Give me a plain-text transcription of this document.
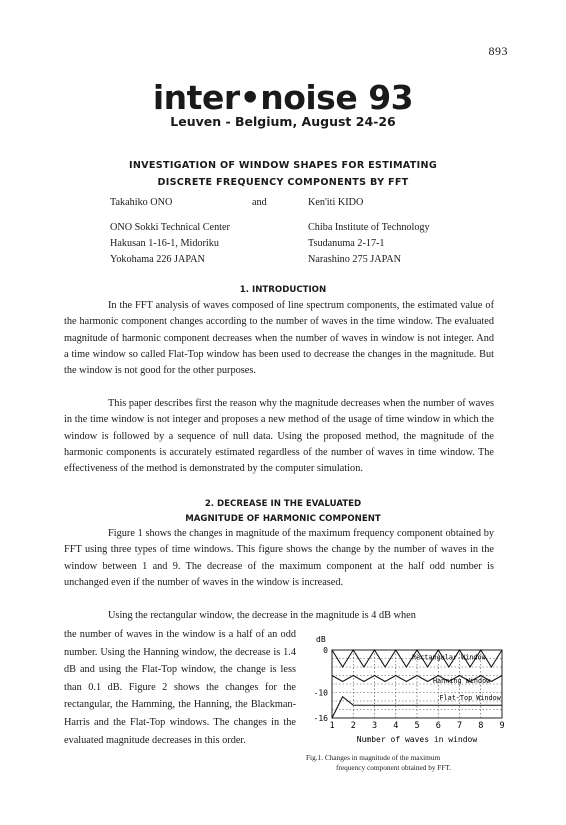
893
inter•noise 93
Leuven - Belgium, August 24-26
INVESTIGATION OF WINDOW SHAPES FOR ESTIMATING
DISCRETE FREQUENCY COMPONENTS BY FFT
Takahiko ONO	and	Ken'iti KIDO
ONO Sokki Technical Center
Hakusan 1-16-1, Midoriku
Yokohama 226 JAPAN
Chiba Institute of Technology
Tsudanuma 2-17-1
Narashino 275 JAPAN
1. INTRODUCTION
In the FFT analysis of waves composed of line spectrum components, the estimated value of the harmonic component changes according to the number of waves in the time window. The evaluated magnitude of harmonic component decreases when the number of waves in window is not integer. And a time window so called Flat-Top window has been used to decrease the changes in the magnitude. But the window is not good for the other purposes.
This paper describes first the reason why the magnitude decreases when the number of waves in the time window is not integer and proposes a new method of the usage of time window in which the window is followed by a sequence of null data. Using the proposed method, the magnitude of the harmonic components is accurately estimated regardless of the number of waves in time window. The effectiveness of the method is demonstrated by the computer simulation.
2. DECREASE IN THE EVALUATED
MAGNITUDE OF HARMONIC COMPONENT
Figure 1 shows the changes in magnitude of the maximum frequency component obtained by FFT using three types of time windows. This figure shows the change by the number of waves in the window between 1 and 9. The decrease of the maximum component at the half odd number is unchanged even if the number of waves in the window is increased.
Using the rectangular window, the decrease in the magnitude is 4 dB when
the number of waves in the window is a half of an odd number. Using the Hanning window, the decrease is 1.4 dB and using the Flat-Top window, the change is less than 0.1 dB. Figure 2 shows the changes for the rectangular, the Hamming, the Hanning, the Blackman-Harris and the Flat-Top windows. The changes in the evaluated magnitude decreases in this order.
dB
0
-10
-16
1 2 3 4 5 6 7 8 9
Rectangular Window
Hanning Window
Flat-Top Window
Number of waves in window
Fig.1. Changes in magnitude of the maximum
frequency component obtained by FFT.
